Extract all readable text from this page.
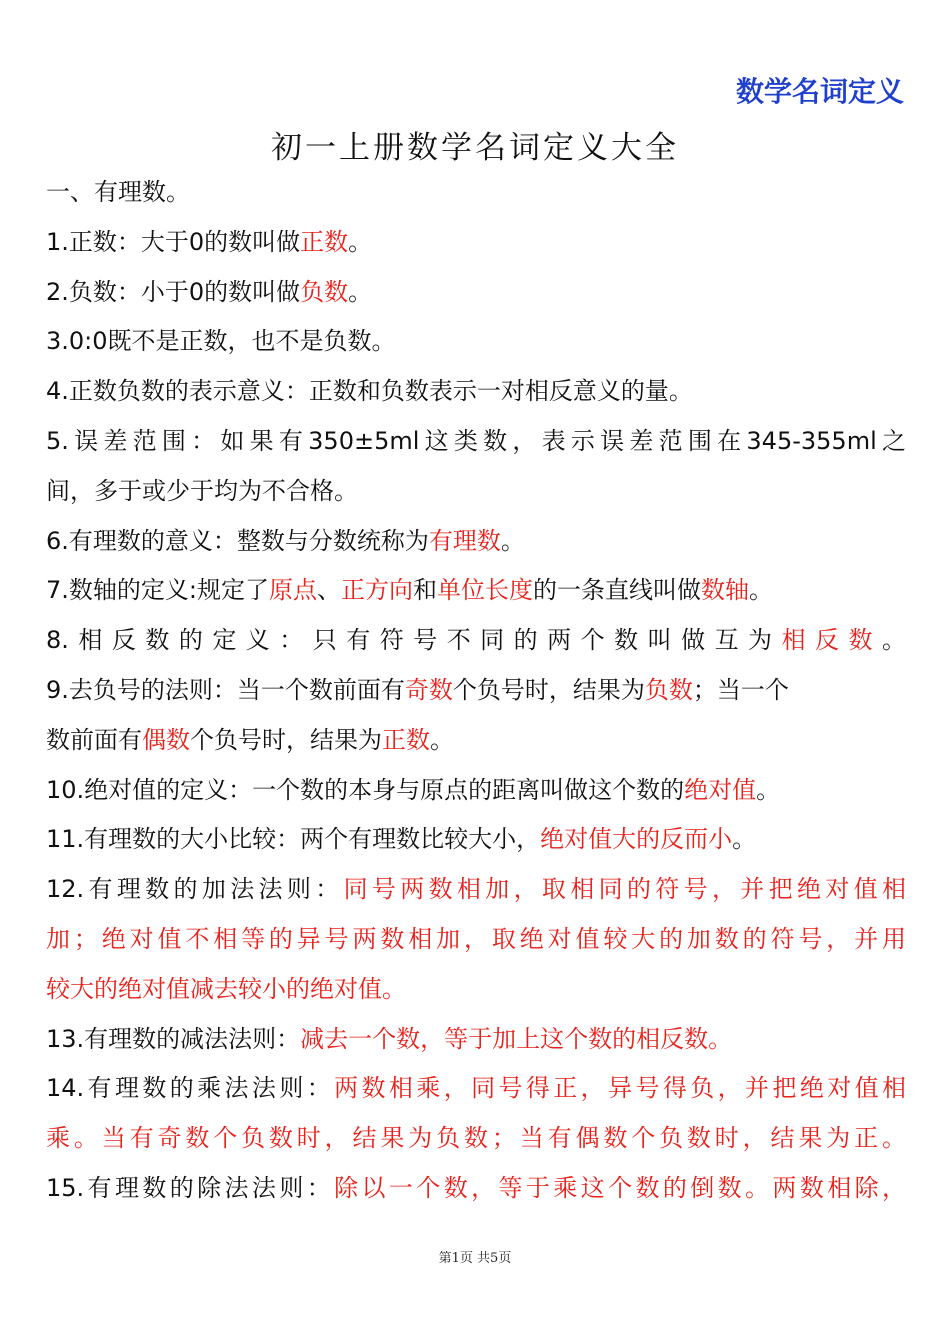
数学名词定义
初一上册数学名词定义大全
一、有理数。
1.正数：大于0的数叫做正数。
2.负数：小于0的数叫做负数。
3.0:0既不是正数，也不是负数。
4.正数负数的表示意义：正数和负数表示一对相反意义的量。
5.误差范围：如果有350±5ml这类数，表示误差范围在345-355ml之
间，多于或少于均为不合格。
6.有理数的意义：整数与分数统称为有理数。
7.数轴的定义:规定了原点、正方向和单位长度的一条直线叫做数轴。
8.相反数的定义：只有符号不同的两个数叫做互为相反数。
9.去负号的法则：当一个数前面有奇数个负号时，结果为负数；当一个
数前面有偶数个负号时，结果为正数。
10.绝对值的定义：一个数的本身与原点的距离叫做这个数的绝对值。
11.有理数的大小比较：两个有理数比较大小，绝对值大的反而小。
12.有理数的加法法则：同号两数相加，取相同的符号，并把绝对值相
加；绝对值不相等的异号两数相加，取绝对值较大的加数的符号，并用
较大的绝对值减去较小的绝对值。
13.有理数的减法法则：减去一个数，等于加上这个数的相反数。
14.有理数的乘法法则：两数相乘，同号得正，异号得负，并把绝对值相
乘。当有奇数个负数时，结果为负数；当有偶数个负数时，结果为正。
15.有理数的除法法则：除以一个数，等于乘这个数的倒数。两数相除，
第1页 共5页
